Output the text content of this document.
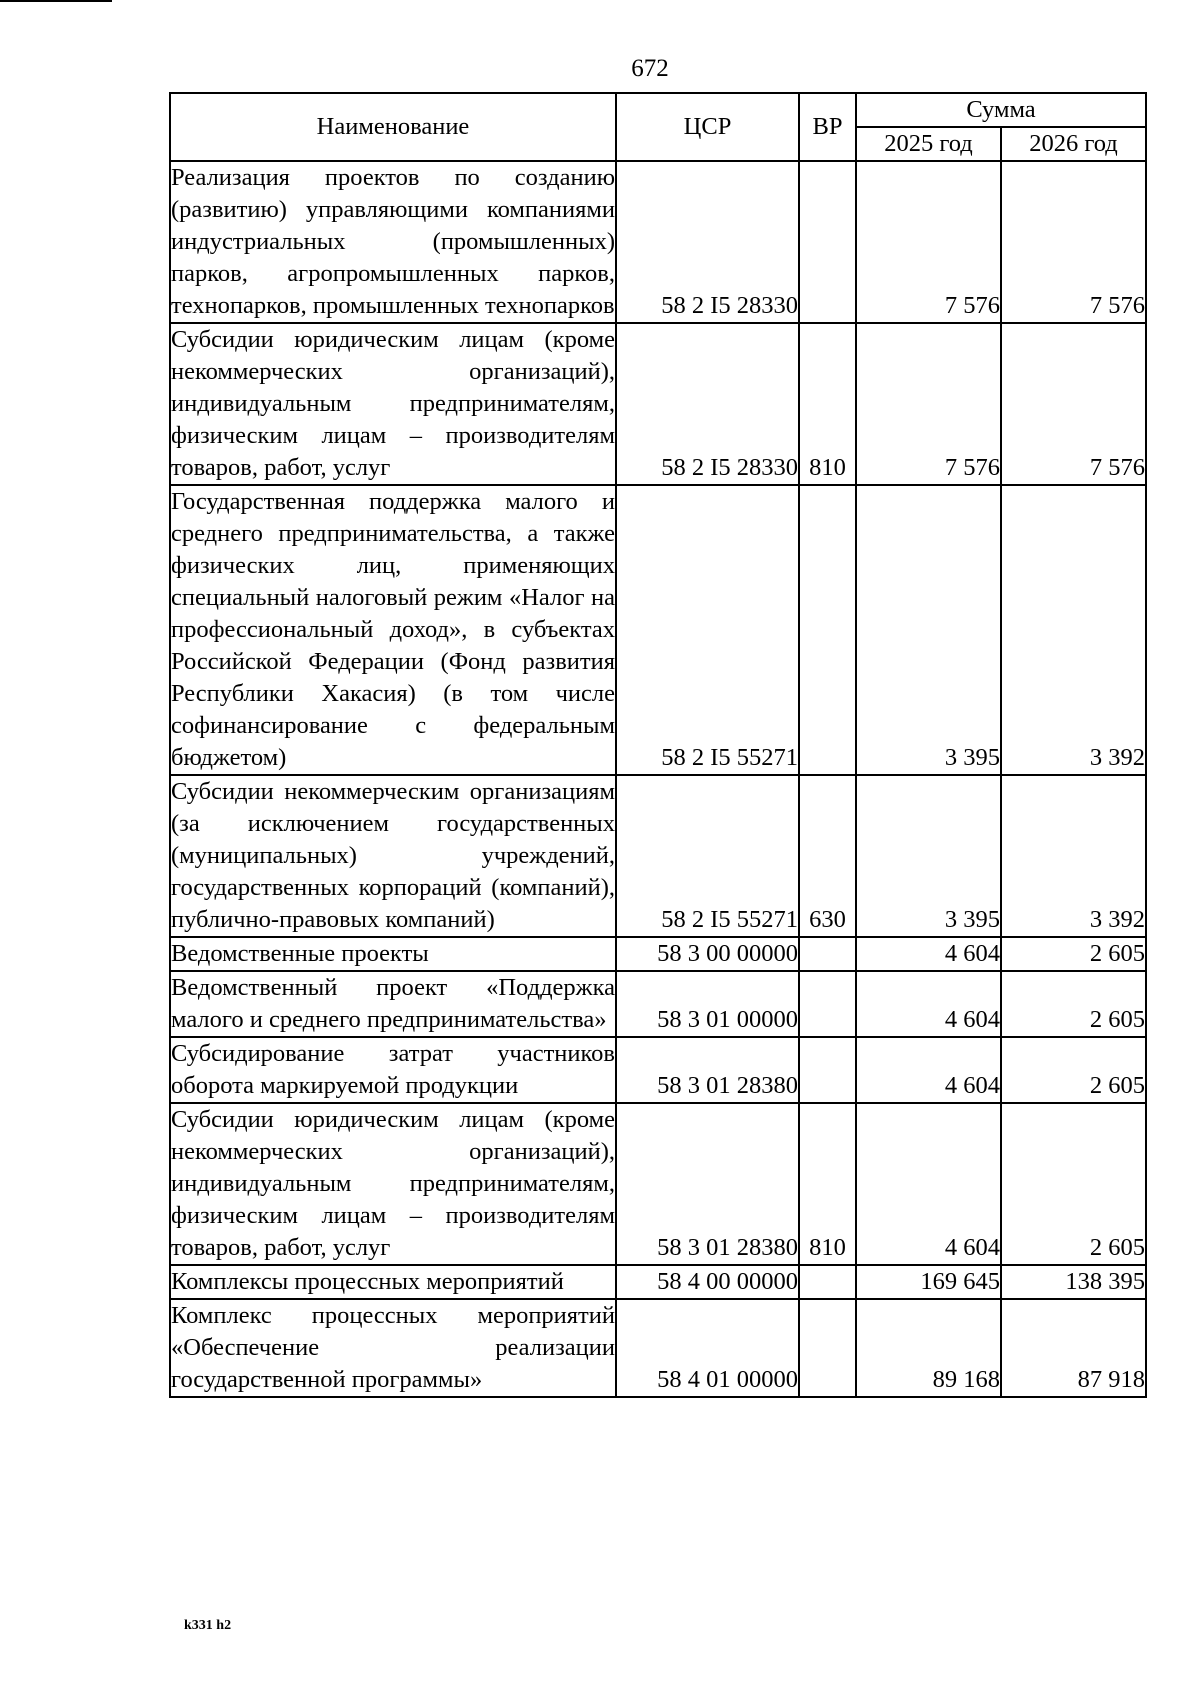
672
Наименование	ЦСР	ВР	Сумма	
			2025 год	2026 год
Реализация проектов по созданию (развитию) управляющими компаниями индустриальных (промышленных) парков, агропромышленных парков, технопарков, промышленных технопарков	58 2 I5 28330		7 576	7 576
Субсидии юридическим лицам (кроме некоммерческих организаций), индивидуальным предпринимателям, физическим лицам – производителям товаров, работ, услуг	58 2 I5 28330	810	7 576	7 576
Государственная поддержка малого и среднего предпринимательства, а также физических лиц, применяющих специальный налоговый режим «Налог на профессиональный доход», в субъектах Российской Федерации (Фонд развития Республики Хакасия) (в том числе софинансирование с федеральным бюджетом)	58 2 I5 55271		3 395	3 392
Субсидии некоммерческим организациям (за исключением государственных (муниципальных) учреждений, государственных корпораций (компаний), публично-правовых компаний)	58 2 I5 55271	630	3 395	3 392
Ведомственные проекты	58 3 00 00000		4 604	2 605
Ведомственный проект «Поддержка малого и среднего предпринимательства»	58 3 01 00000		4 604	2 605
Субсидирование затрат участников оборота маркируемой продукции	58 3 01 28380		4 604	2 605
Субсидии юридическим лицам (кроме некоммерческих организаций), индивидуальным предпринимателям, физическим лицам – производителям товаров, работ, услуг	58 3 01 28380	810	4 604	2 605
Комплексы процессных мероприятий	58 4 00 00000		169 645	138 395
Комплекс процессных мероприятий «Обеспечение реализации государственной программы»	58 4 01 00000		89 168	87 918
k331 h2
